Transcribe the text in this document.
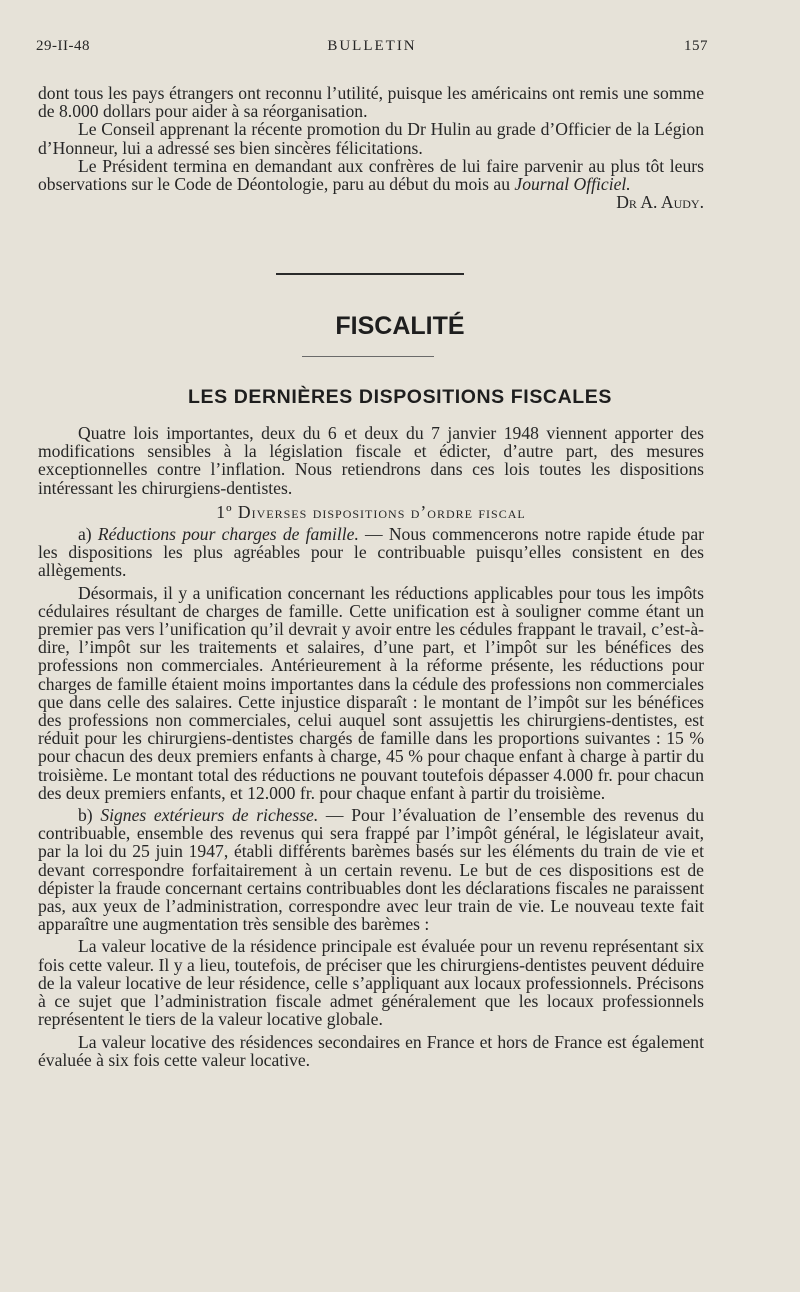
29-II-48	BULLETIN	157

dont tous les pays étrangers ont reconnu l’utilité, puisque les américains ont remis une somme de 8.000 dollars pour aider à sa réorganisation.

Le Conseil apprenant la récente promotion du Dr Hulin au grade d’Officier de la Légion d’Honneur, lui a adressé ses bien sincères félicitations.

Le Président termina en demandant aux confrères de lui faire parvenir au plus tôt leurs observations sur le Code de Déontologie, paru au début du mois au Journal Officiel.

Dr A. Audy.

FISCALITÉ
LES DERNIÈRES DISPOSITIONS FISCALES

Quatre lois importantes, deux du 6 et deux du 7 janvier 1948 viennent apporter des modifications sensibles à la législation fiscale et édicter, d’autre part, des mesures exceptionnelles contre l’inflation. Nous retiendrons dans ces lois toutes les dispositions intéressant les chirurgiens-dentistes.

1º Diverses dispositions d’ordre fiscal

a) Réductions pour charges de famille. — Nous commencerons notre rapide étude par les dispositions les plus agréables pour le contribuable puisqu’elles consistent en des allègements.

Désormais, il y a unification concernant les réductions applicables pour tous les impôts cédulaires résultant de charges de famille. Cette unification est à souligner comme étant un premier pas vers l’unification qu’il devrait y avoir entre les cédules frappant le travail, c’est-à-dire, l’impôt sur les traitements et salaires, d’une part, et l’impôt sur les bénéfices des professions non commerciales. Antérieurement à la réforme présente, les réductions pour charges de famille étaient moins importantes dans la cédule des professions non commerciales que dans celle des salaires. Cette injustice disparaît : le montant de l’impôt sur les bénéfices des professions non commerciales, celui auquel sont assujettis les chirurgiens-dentistes, est réduit pour les chirurgiens-dentistes chargés de famille dans les proportions suivantes : 15 % pour chacun des deux premiers enfants à charge, 45 % pour chaque enfant à charge à partir du troisième. Le montant total des réductions ne pouvant toutefois dépasser 4.000 fr. pour chacun des deux premiers enfants, et 12.000 fr. pour chaque enfant à partir du troisième.

b) Signes extérieurs de richesse. — Pour l’évaluation de l’ensemble des revenus du contribuable, ensemble des revenus qui sera frappé par l’impôt général, le législateur avait, par la loi du 25 juin 1947, établi différents barèmes basés sur les éléments du train de vie et devant correspondre forfaitairement à un certain revenu. Le but de ces dispositions est de dépister la fraude concernant certains contribuables dont les déclarations fiscales ne paraissent pas, aux yeux de l’administration, correspondre avec leur train de vie. Le nouveau texte fait apparaître une augmentation très sensible des barèmes :

La valeur locative de la résidence principale est évaluée pour un revenu représentant six fois cette valeur. Il y a lieu, toutefois, de préciser que les chirurgiens-dentistes peuvent déduire de la valeur locative de leur résidence, celle s’appliquant aux locaux professionnels. Précisons à ce sujet que l’administration fiscale admet généralement que les locaux professionnels représentent le tiers de la valeur locative globale.

La valeur locative des résidences secondaires en France et hors de France est également évaluée à six fois cette valeur locative.
